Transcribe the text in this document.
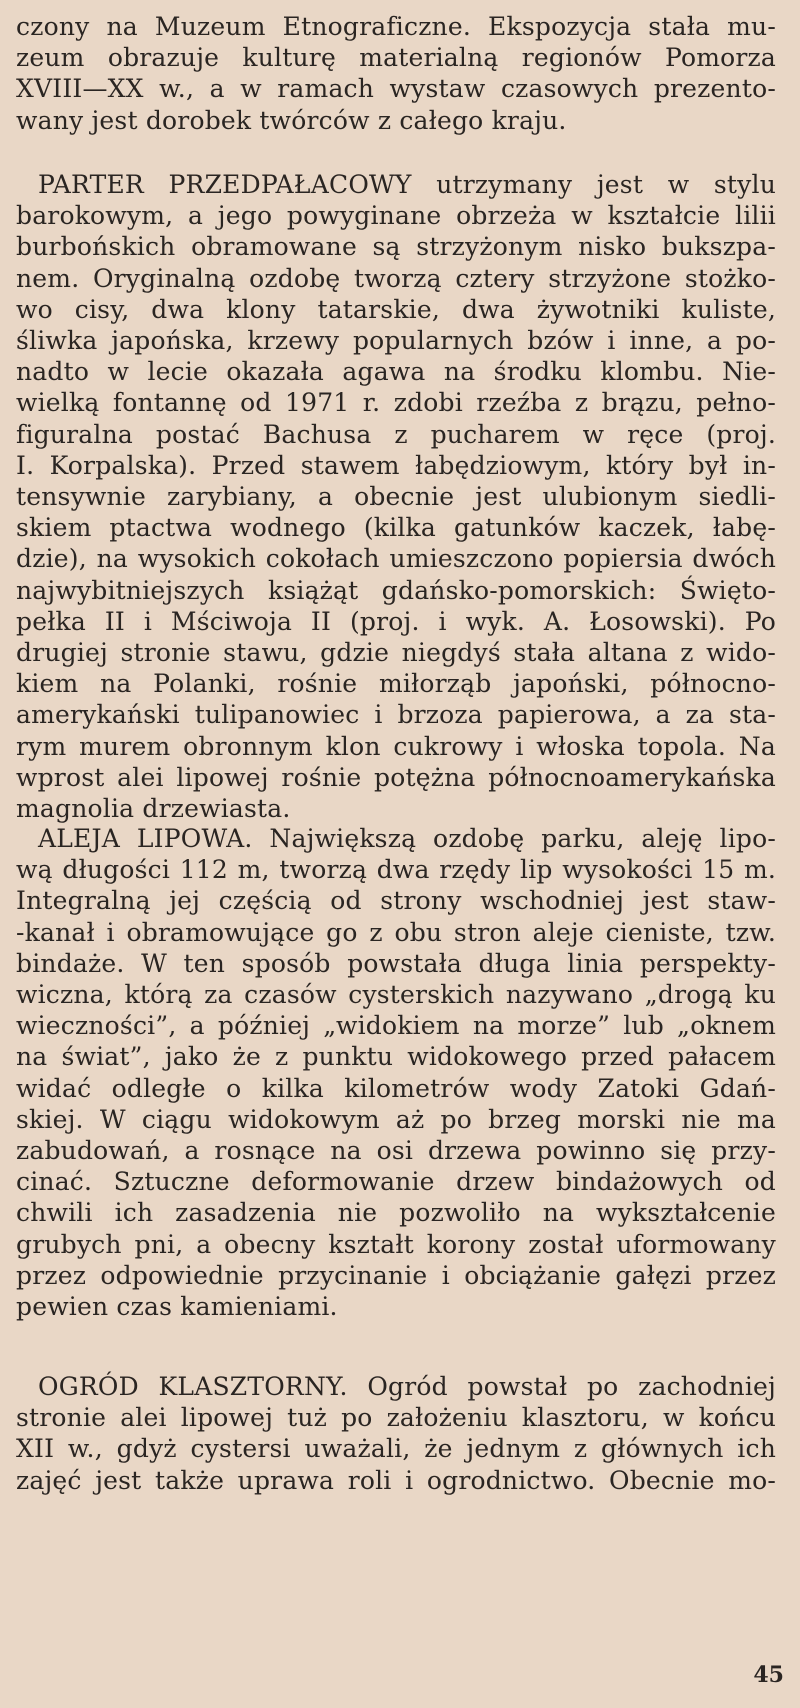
czony na Muzeum Etnograficzne. Ekspozycja stała mu-
zeum obrazuje kulturę materialną regionów Pomorza
XVIII—XX w., a w ramach wystaw czasowych prezento-
wany jest dorobek twórców z całego kraju.
PARTER PRZEDPAŁACOWY utrzymany jest w stylu
barokowym, a jego powyginane obrzeża w kształcie lilii
burbońskich obramowane są strzyżonym nisko bukszpa-
nem. Oryginalną ozdobę tworzą cztery strzyżone stożko-
wo cisy, dwa klony tatarskie, dwa żywotniki kuliste,
śliwka japońska, krzewy popularnych bzów i inne, a po-
nadto w lecie okazała agawa na środku klombu. Nie-
wielką fontannę od 1971 r. zdobi rzeźba z brązu, pełno-
figuralna postać Bachusa z pucharem w ręce (proj.
I. Korpalska). Przed stawem łabędziowym, który był in-
tensywnie zarybiany, a obecnie jest ulubionym siedli-
skiem ptactwa wodnego (kilka gatunków kaczek, łabę-
dzie), na wysokich cokołach umieszczono popiersia dwóch
najwybitniejszych książąt gdańsko-pomorskich: Święto-
pełka II i Mściwoja II (proj. i wyk. A. Łosowski). Po
drugiej stronie stawu, gdzie niegdyś stała altana z wido-
kiem na Polanki, rośnie miłorząb japoński, północno-
amerykański tulipanowiec i brzoza papierowa, a za sta-
rym murem obronnym klon cukrowy i włoska topola. Na
wprost alei lipowej rośnie potężna północnoamerykańska
magnolia drzewiasta.
ALEJA LIPOWA. Największą ozdobę parku, aleję lipo-
wą długości 112 m, tworzą dwa rzędy lip wysokości 15 m.
Integralną jej częścią od strony wschodniej jest staw-
-kanał i obramowujące go z obu stron aleje cieniste, tzw.
bindaże. W ten sposób powstała długa linia perspekty-
wiczna, którą za czasów cysterskich nazywano „drogą ku
wieczności”, a później „widokiem na morze” lub „oknem
na świat”, jako że z punktu widokowego przed pałacem
widać odległe o kilka kilometrów wody Zatoki Gdań-
skiej. W ciągu widokowym aż po brzeg morski nie ma
zabudowań, a rosnące na osi drzewa powinno się przy-
cinać. Sztuczne deformowanie drzew bindażowych od
chwili ich zasadzenia nie pozwoliło na wykształcenie
grubych pni, a obecny kształt korony został uformowany
przez odpowiednie przycinanie i obciążanie gałęzi przez
pewien czas kamieniami.
OGRÓD KLASZTORNY. Ogród powstał po zachodniej
stronie alei lipowej tuż po założeniu klasztoru, w końcu
XII w., gdyż cystersi uważali, że jednym z głównych ich
zajęć jest także uprawa roli i ogrodnictwo. Obecnie mo-
45
